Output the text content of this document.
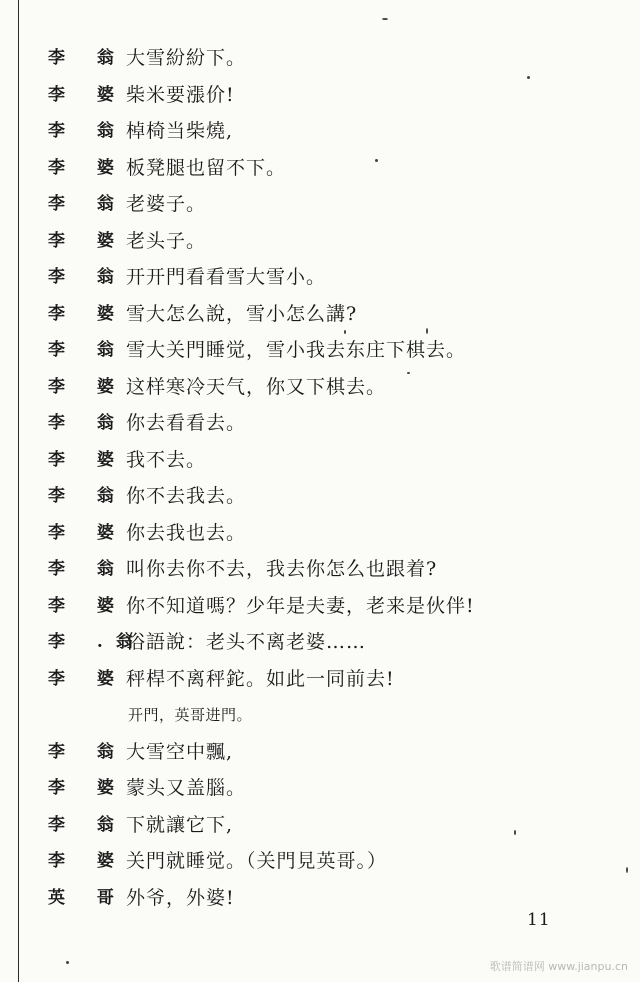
李 翁 大雪紛紛下。
李 婆 柴米要漲价!
李 翁 棹椅当柴燒,
李 婆 板凳腿也留不下。
李 翁 老婆子。
李 婆 老头子。
李 翁 开开門看看雪大雪小。
李 婆 雪大怎么說，雪小怎么講?
李 翁 雪大关門睡觉，雪小我去东庄下棋去。
李 婆 这样寒冷天气，你又下棋去。
李 翁 你去看看去。
李 婆 我不去。
李 翁 你不去我去。
李 婆 你去我也去。
李 翁 叫你去你不去，我去你怎么也跟着?
李 婆 你不知道嗎？少年是夫妻，老来是伙伴!
李 .翁
俗語說：老头不离老婆……
李 婆 秤桿不离秤鉈。如此一同前去!
开門，英哥进門。
李 翁 大雪空中飄,
李 婆 蒙头又盖腦。
李 翁 下就讓它下,
李 婆 关門就睡觉。（关門見英哥。）
英 哥 外爷，外婆!
11
歌谱简谱网 www.jianpu.cn
